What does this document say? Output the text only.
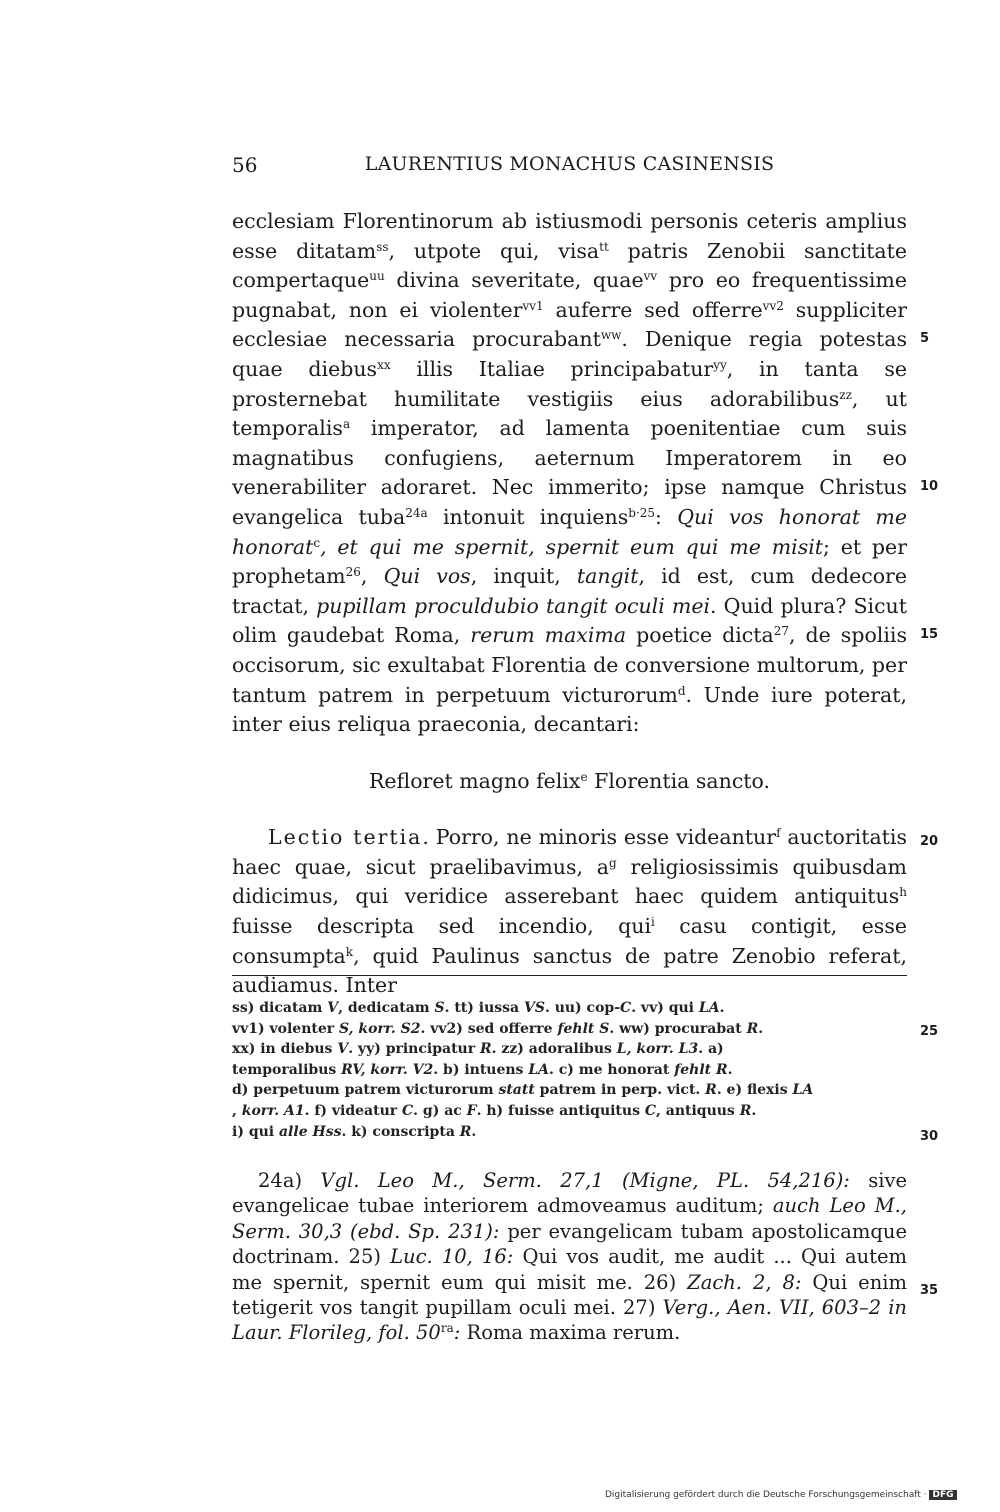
56	LAURENTIUS MONACHUS CASINENSIS

ecclesiam Florentinorum ab istiusmodi personis ceteris amplius esse ditatam$^{ss}$, utpote qui, visa$^{tt}$ patris Zenobii sanctitate compertaque$^{uu}$ divina severitate, quae$^{vv}$ pro eo frequentissime pugnabat, non ei violenter$^{vv1}$ auferre sed offerre$^{vv2}$ suppliciter ecclesiae necessaria procurabant$^{ww}$. Denique regia potestas quae diebus$^{xx}$ illis Italiae principabatur$^{yy}$, in tanta se prosternebat humilitate vestigiis eius adorabilibus$^{zz}$, ut temporalis$^a$ imperator, ad lamenta poenitentiae cum suis magnatibus confugiens, aeternum Imperatorem in eo venerabiliter adoraret. Nec immerito; ipse namque Christus evangelica tuba$^{24a}$ intonuit inquiens$^{b\cdot 25}$: Qui vos honorat me honorat$^c$, et qui me spernit, spernit eum qui me misit; et per prophetam$^{26}$, Qui vos, inquit, tangit, id est, cum dedecore tractat, pupillam proculdubio tangit oculi mei. Quid plura? Sicut olim gaudebat Roma, rerum maxima poetice dicta$^{27}$, de spoliis occisorum, sic exultabat Florentia de conversione multorum, per tantum patrem in perpetuum victurorum$^d$. Unde iure poterat, inter eius reliqua praeconia, decantari:

Refloret magno felix$^e$ Florentia sancto.

Lectio tertia. Porro, ne minoris esse videantur$^f$ auctoritatis haec quae, sicut praelibavimus, $a^g$ religiosissimis quibusdam didicimus, qui veridice asserebant haec quidem antiquitus$^h$ fuisse descripta sed incendio, qui$^i$ casu contigit, esse consumpta$^k$, quid Paulinus sanctus de patre Zenobio referat, audiamus. Inter

5
10
15
20
25
30
35

ss) dicatam V, dedicatam S. tt) iussa VS. uu) cop-C. vv) qui LA.

vv1) volenter S, korr. S2. vv2) sed offerre fehlt S. ww) procurabat R.

xx) in diebus V. yy) principatur R. zz) adoralibus L, korr. L3. a)

temporalibus RV, korr. V2. b) intuens LA. c) me honorat fehlt R.

d) perpetuum patrem victurorum statt patrem in perp. vict. R. e) flexis LA

, korr. A1. f) videatur C. g) ac F. h) fuisse antiquitus C, antiquus R.

i) qui alle Hss. k) conscripta R.

24a) Vgl. Leo M., Serm. 27,1 (Migne, PL. 54,216): sive evangelicae tubae interiorem admoveamus auditum; auch Leo M., Serm. 30,3 (ebd. Sp. 231): per evangelicam tubam apostolicamque doctrinam. 25) Luc. 10, 16: Qui vos audit, me audit ... Qui autem me spernit, spernit eum qui misit me. 26) Zach. 2, 8: Qui enim tetigerit vos tangit pupillam oculi mei. 27) Verg., Aen. VII, 603–2 in Laur. Florileg, fol. $50^{ra}$: Roma maxima rerum.

Digitalisierung gefördert durch die Deutsche Forschungsgemeinschaft · DFG
